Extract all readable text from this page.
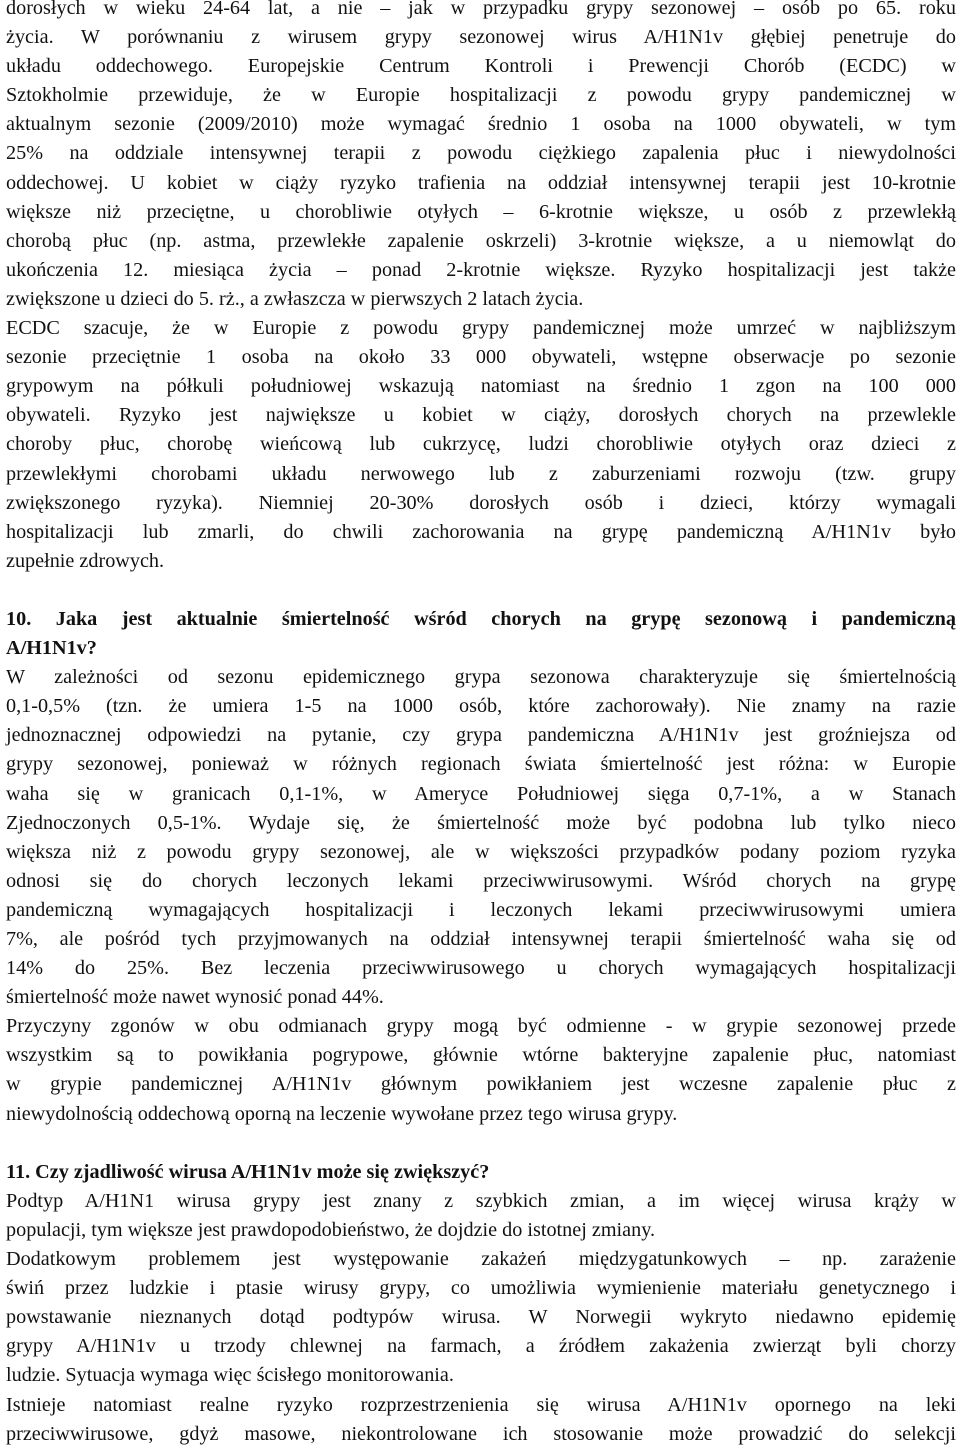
dorosłych w wieku 24-64 lat, a nie – jak w przypadku grypy sezonowej – osób po 65. roku
życia. W porównaniu z wirusem grypy sezonowej wirus A/H1N1v głębiej penetruje do
układu oddechowego. Europejskie Centrum Kontroli i Prewencji Chorób (ECDC) w
Sztokholmie przewiduje, że w Europie hospitalizacji z powodu grypy pandemicznej w
aktualnym sezonie (2009/2010) może wymagać średnio 1 osoba na 1000 obywateli, w tym
25% na oddziale intensywnej terapii z powodu ciężkiego zapalenia płuc i niewydolności
oddechowej. U kobiet w ciąży ryzyko trafienia na oddział intensywnej terapii jest 10-krotnie
większe niż przeciętne, u chorobliwie otyłych – 6-krotnie większe, u osób z przewlekłą
chorobą płuc (np. astma, przewlekłe zapalenie oskrzeli) 3-krotnie większe, a u niemowląt do
ukończenia 12. miesiąca życia – ponad 2-krotnie większe. Ryzyko hospitalizacji jest także
zwiększone u dzieci do 5. rż., a zwłaszcza w pierwszych 2 latach życia.
ECDC szacuje, że w Europie z powodu grypy pandemicznej może umrzeć w najbliższym
sezonie przeciętnie 1 osoba na około 33 000 obywateli, wstępne obserwacje po sezonie
grypowym na półkuli południowej wskazują natomiast na średnio 1 zgon na 100 000
obywateli. Ryzyko jest największe u kobiet w ciąży, dorosłych chorych na przewlekle
choroby płuc, chorobę wieńcową lub cukrzycę, ludzi chorobliwie otyłych oraz dzieci z
przewlekłymi chorobami układu nerwowego lub z zaburzeniami rozwoju (tzw. grupy
zwiększonego ryzyka). Niemniej 20-30% dorosłych osób i dzieci, którzy wymagali
hospitalizacji lub zmarli, do chwili zachorowania na grypę pandemiczną A/H1N1v było
zupełnie zdrowych.
10. Jaka jest aktualnie śmiertelność wśród chorych na grypę sezonową i pandemiczną
A/H1N1v?
W zależności od sezonu epidemicznego grypa sezonowa charakteryzuje się śmiertelnością
0,1-0,5% (tzn. że umiera 1-5 na 1000 osób, które zachorowały). Nie znamy na razie
jednoznacznej odpowiedzi na pytanie, czy grypa pandemiczna A/H1N1v jest groźniejsza od
grypy sezonowej, ponieważ w różnych regionach świata śmiertelność jest różna: w Europie
waha się w granicach 0,1-1%, w Ameryce Południowej sięga 0,7-1%, a w Stanach
Zjednoczonych 0,5-1%. Wydaje się, że śmiertelność może być podobna lub tylko nieco
większa niż z powodu grypy sezonowej, ale w większości przypadków podany poziom ryzyka
odnosi się do chorych leczonych lekami przeciwwirusowymi. Wśród chorych na grypę
pandemiczną wymagających hospitalizacji i leczonych lekami przeciwwirusowymi umiera
7%, ale pośród tych przyjmowanych na oddział intensywnej terapii śmiertelność waha się od
14% do 25%. Bez leczenia przeciwwirusowego u chorych wymagających hospitalizacji
śmiertelność może nawet wynosić ponad 44%.
Przyczyny zgonów w obu odmianach grypy mogą być odmienne - w grypie sezonowej przede
wszystkim są to powikłania pogrypowe, głównie wtórne bakteryjne zapalenie płuc, natomiast
w grypie pandemicznej A/H1N1v głównym powikłaniem jest wczesne zapalenie płuc z
niewydolnością oddechową oporną na leczenie wywołane przez tego wirusa grypy.
11. Czy zjadliwość wirusa A/H1N1v może się zwiększyć?
Podtyp A/H1N1 wirusa grypy jest znany z szybkich zmian, a im więcej wirusa krąży w
populacji, tym większe jest prawdopodobieństwo, że dojdzie do istotnej zmiany.
Dodatkowym problemem jest występowanie zakażeń międzygatunkowych – np. zarażenie
świń przez ludzkie i ptasie wirusy grypy, co umożliwia wymienienie materiału genetycznego i
powstawanie nieznanych dotąd podtypów wirusa. W Norwegii wykryto niedawno epidemię
grypy A/H1N1v u trzody chlewnej na farmach, a źródłem zakażenia zwierząt byli chorzy
ludzie. Sytuacja wymaga więc ścisłego monitorowania.
Istnieje natomiast realne ryzyko rozprzestrzenienia się wirusa A/H1N1v opornego na leki
przeciwwirusowe, gdyż masowe, niekontrolowane ich stosowanie może prowadzić do selekcji
